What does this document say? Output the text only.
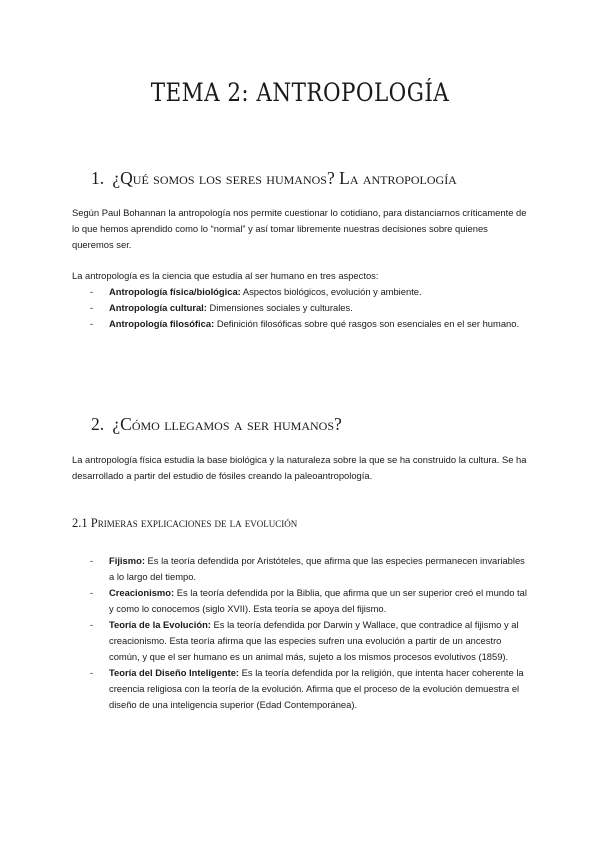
TEMA 2: ANTROPOLOGÍA
1. ¿Qué somos los seres humanos? La antropología

Según Paul Bohannan la antropología nos permite cuestionar lo cotidiano, para distanciarnos críticamente de lo que hemos aprendido como lo “normal” y así tomar libremente nuestras decisiones sobre quienes queremos ser.

La antropología es la ciencia que estudia al ser humano en tres aspectos:

- Antropología física/biológica: Aspectos biológicos, evolución y ambiente.
- Antropología cultural: Dimensiones sociales y culturales.
- Antropología filosófica: Definición filosóficas sobre qué rasgos son esenciales en el ser humano.
2. ¿Cómo llegamos a ser humanos?

La antropología física estudia la base biológica y la naturaleza sobre la que se ha construido la cultura. Se ha desarrollado a partir del estudio de fósiles creando la paleoantropología.

2.1 Primeras explicaciones de la evolución
- Fijismo: Es la teoría defendida por Aristóteles, que afirma que las especies permanecen invariables a lo largo del tiempo.
- Creacionismo: Es la teoría defendida por la Biblia, que afirma que un ser superior creó el mundo tal y como lo conocemos (siglo XVII). Esta teoría se apoya del fijismo.
- Teoría de la Evolución: Es la teoría defendida por Darwin y Wallace, que contradice al fijismo y al creacionismo. Esta teoría afirma que las especies sufren una evolución a partir de un ancestro común, y que el ser humano es un animal más, sujeto a los mismos procesos evolutivos (1859).
- Teoría del Diseño Inteligente: Es la teoría defendida por la religión, que intenta hacer coherente la creencia religiosa con la teoría de la evolución. Afirma que el proceso de la evolución demuestra el diseño de una inteligencia superior (Edad Contemporánea).
